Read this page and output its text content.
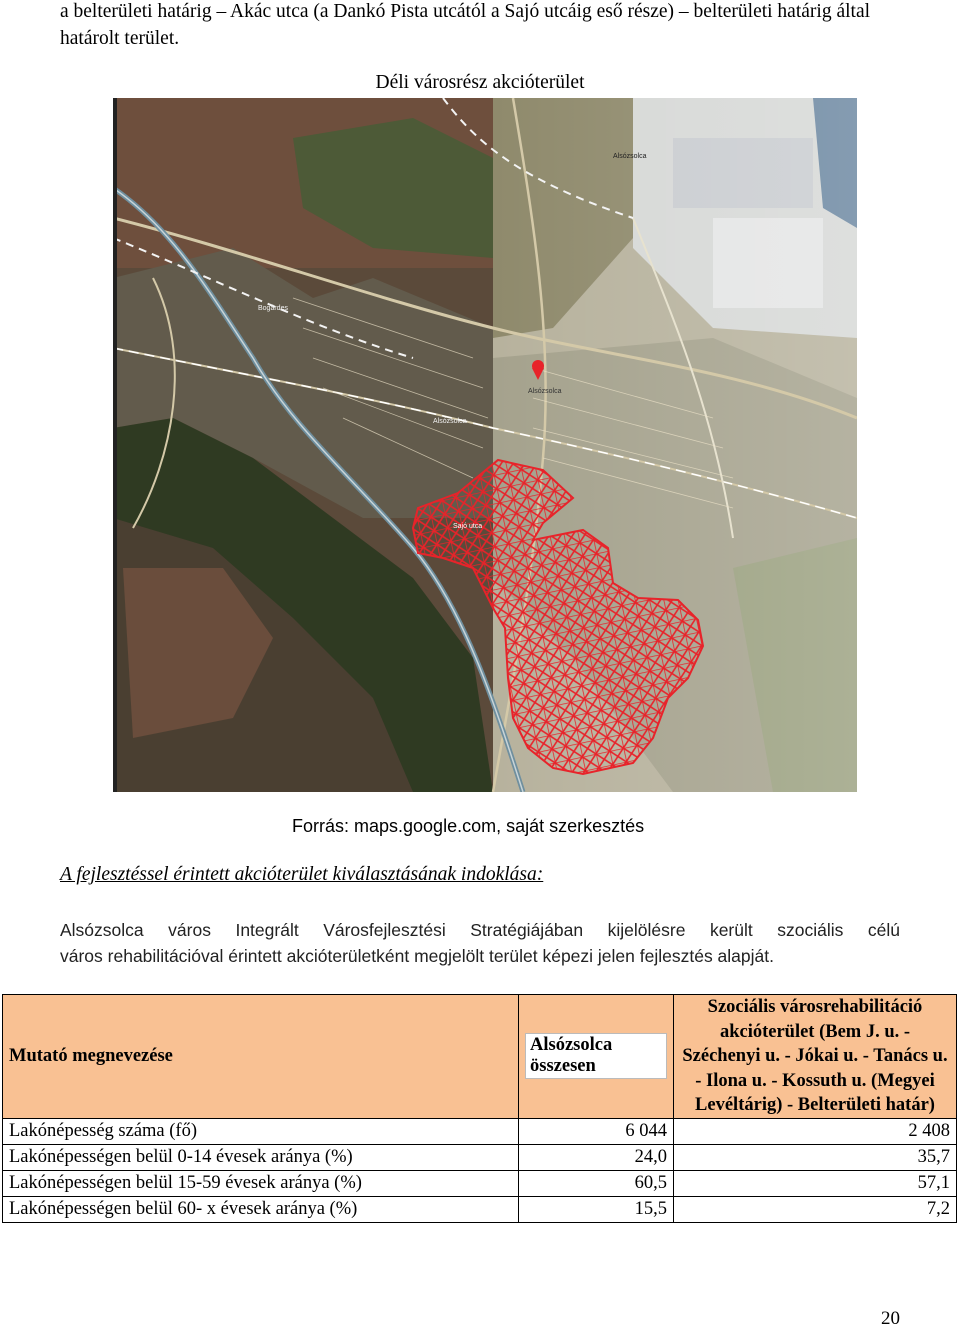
a belterületi határig – Akác utca (a Dankó Pista utcától a Sajó utcáig eső része) – belterületi határig által határolt terület.
Déli városrész akcióterület
Bogárdes
Alsózsolca
Alsózsolca
Sajó utca
Alsózsolca
Forrás: maps.google.com, saját szerkesztés
A fejlesztéssel érintett akcióterület kiválasztásának indoklása:
Alsózsolca város Integrált Városfejlesztési Stratégiájában kijelölésre került szociális célú
város rehabilitációval érintett akcióterületként megjelölt terület képezi jelen fejlesztés alapját.
Mutató megnevezése	Alsózsolca összesen	Szociális városrehabilitáció akcióterület (Bem J. u. - Széchenyi u. - Jókai u. - Tanács u. - Ilona u. - Kossuth u. (Megyei Levéltárig) - Belterületi határ)
Lakónépesség száma (fő)	6 044	2 408
Lakónépességen belül 0-14 évesek aránya (%)	24,0	35,7
Lakónépességen belül 15-59 évesek aránya (%)	60,5	57,1
Lakónépességen belül 60- x évesek aránya (%)	15,5	7,2
20
